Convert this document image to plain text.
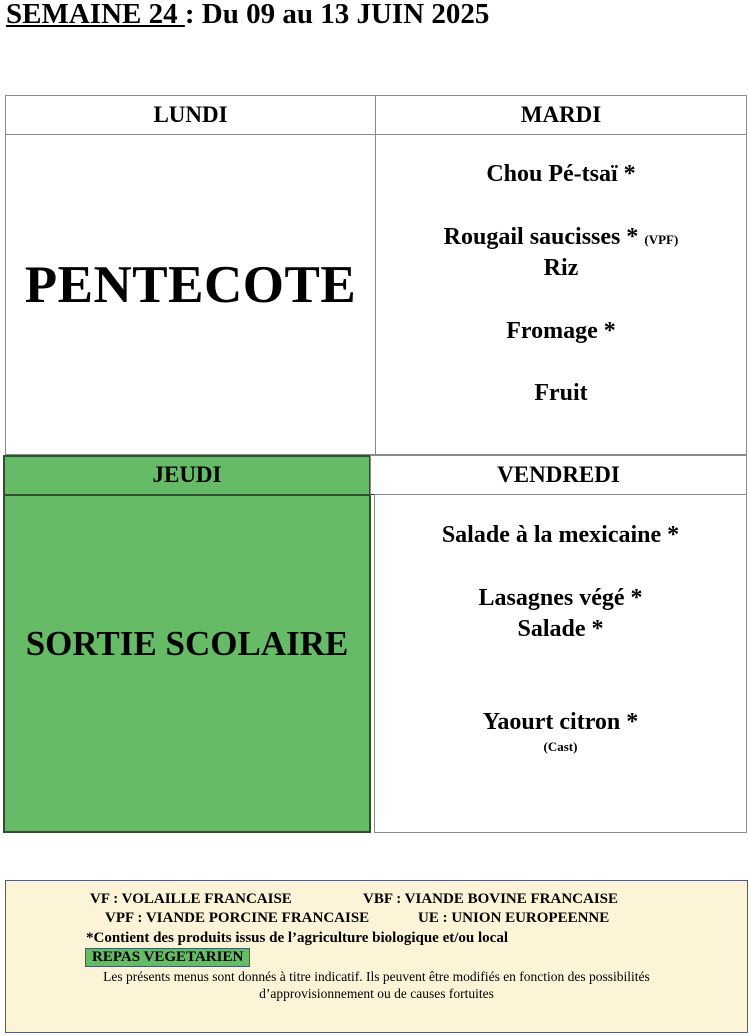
SEMAINE 24 : Du 09 au 13 JUIN 2025
LUNDI
PENTECOTE
MARDI
Chou Pé-tsaï *
Rougail saucisses * (VPF)
Riz
Fromage *
Fruit
JEUDI
SORTIE SCOLAIRE
VENDREDI
Salade à la mexicaine *
Lasagnes végé *
Salade *
Yaourt citron *
(Cast)
VF : VOLAILLE FRANCAISE	VBF : VIANDE BOVINE FRANCAISE
VPF : VIANDE PORCINE FRANCAISE	UE : UNION EUROPEENNE
*Contient des produits issus de l’agriculture biologique et/ou local
REPAS VEGETARIEN
Les présents menus sont donnés à titre indicatif. Ils peuvent être modifiés en fonction des possibilités
d’approvisionnement ou de causes fortuites
